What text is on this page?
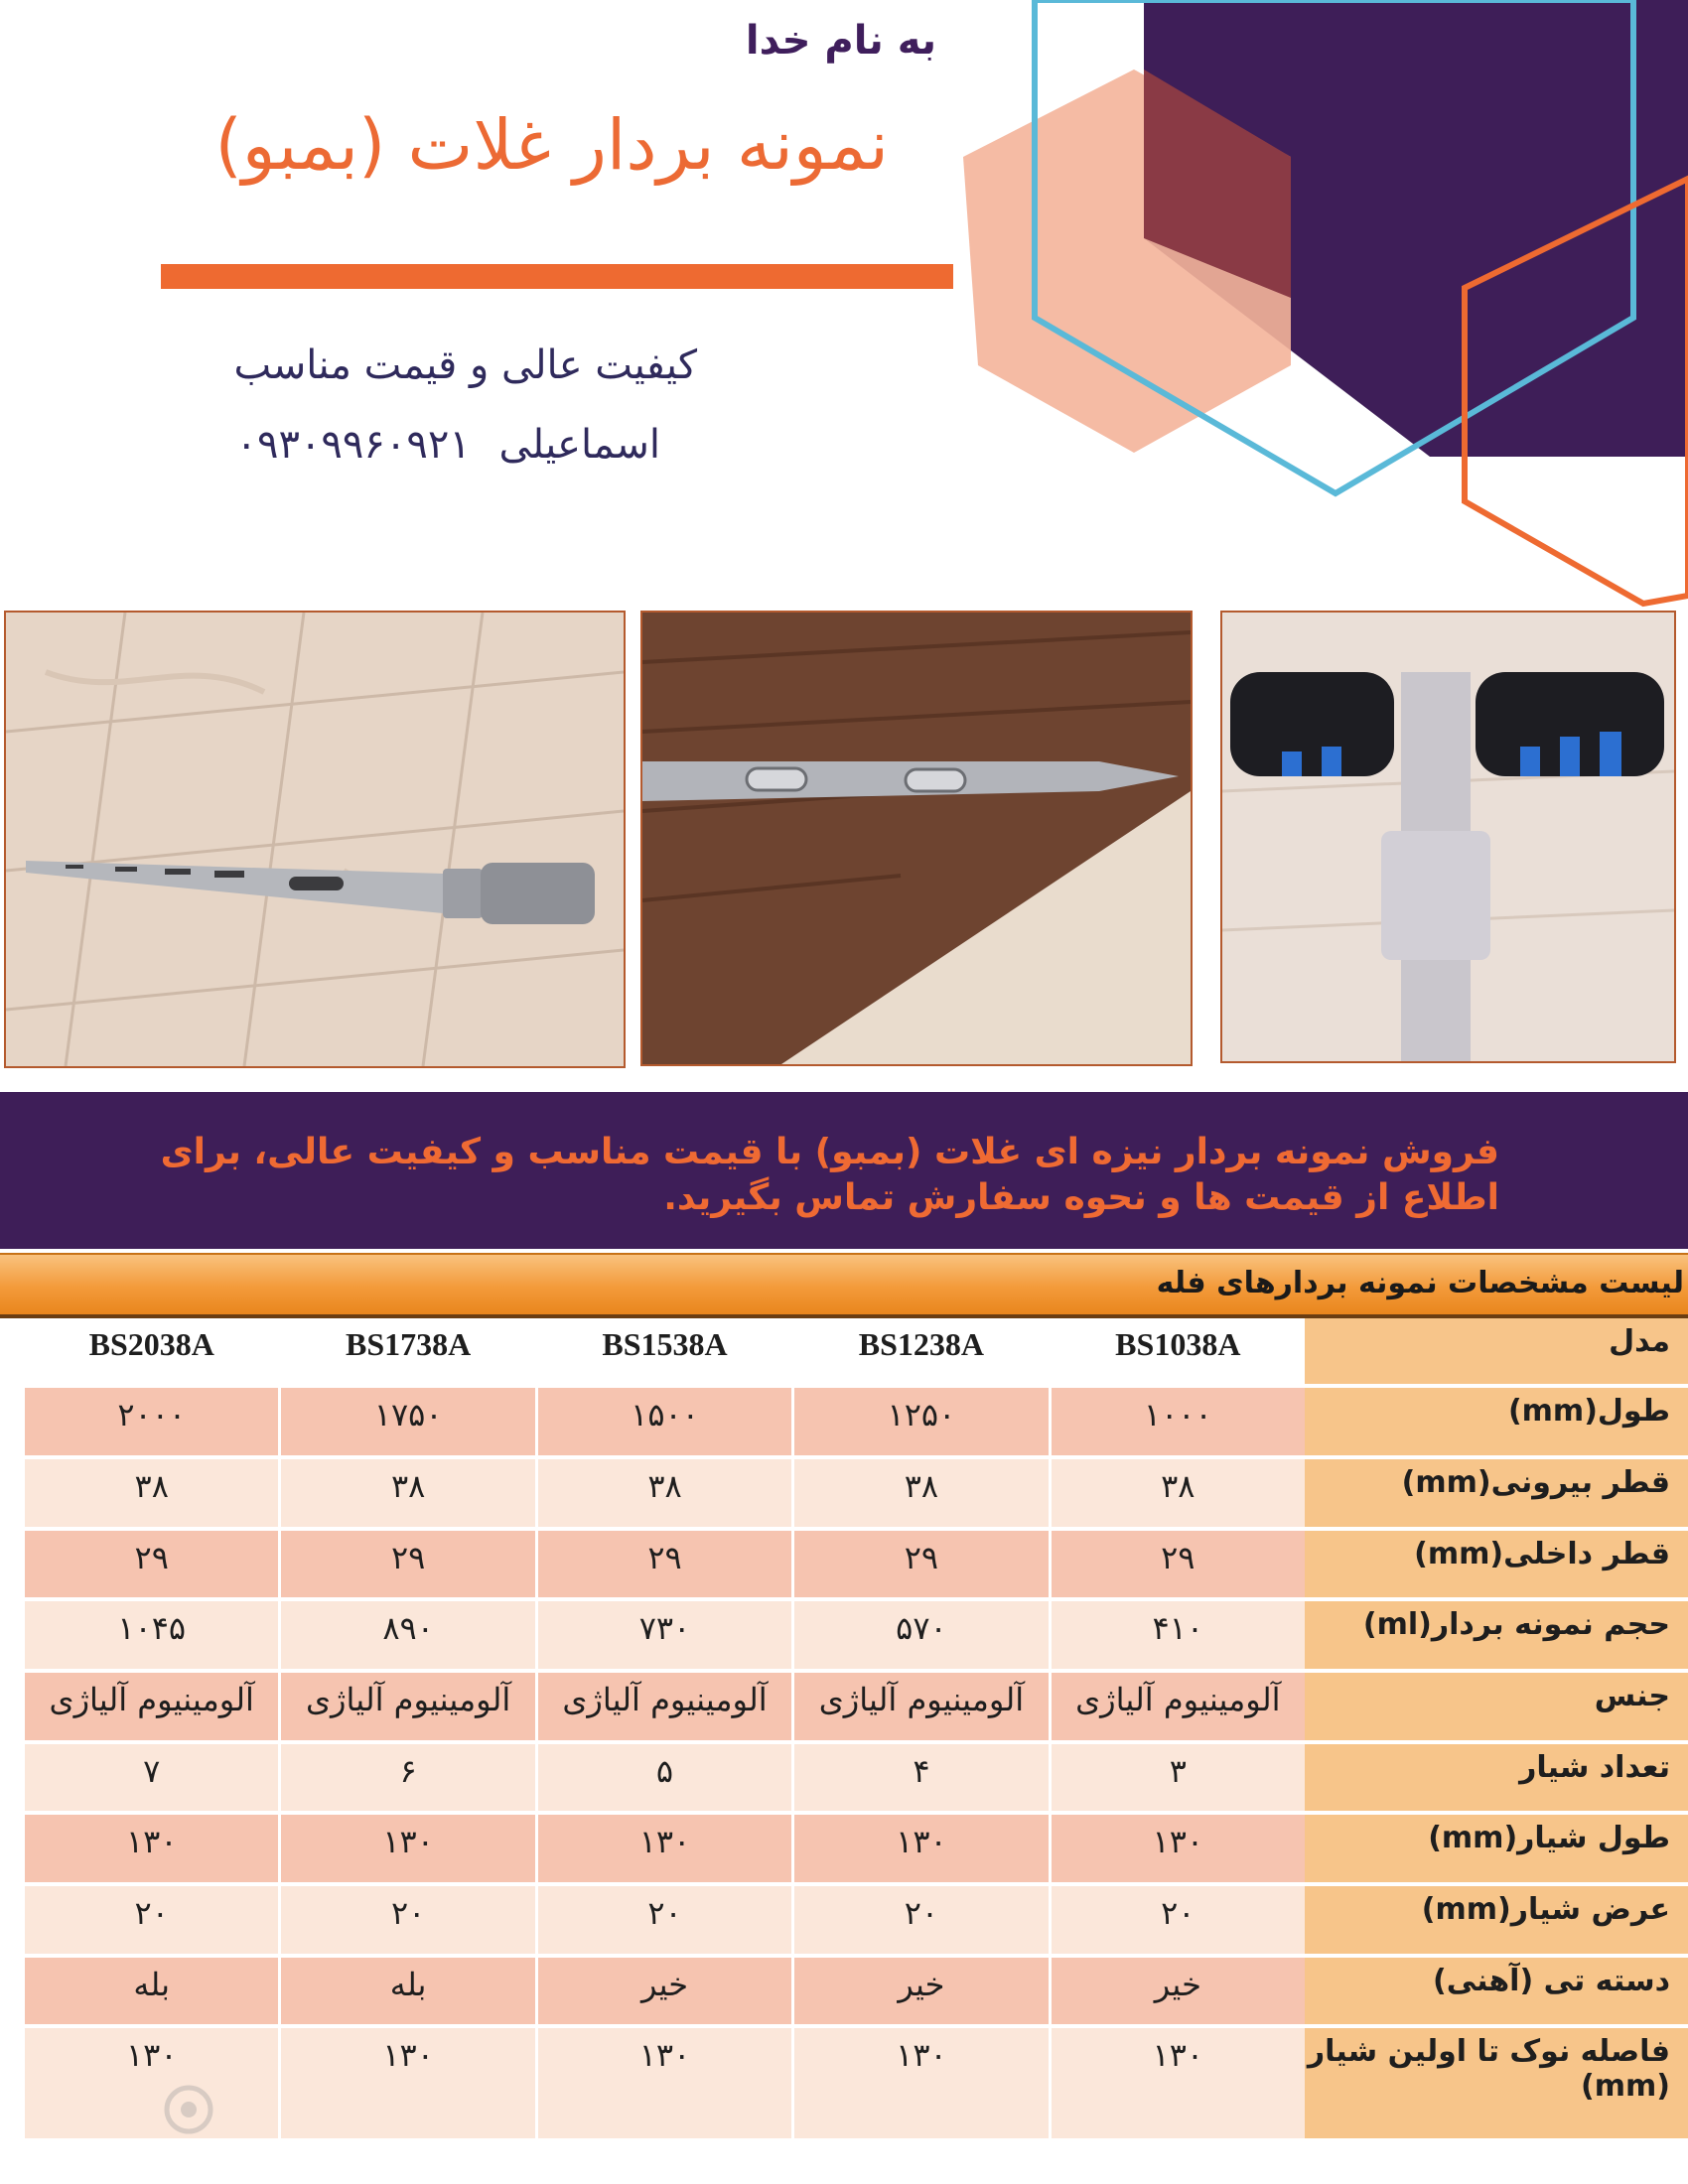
به نام خدا
نمونه بردار غلات (بمبو)
کیفیت عالی و قیمت مناسب
اسماعیلی ۰۹۳۰۹۹۶۰۹۲۱
فروش نمونه بردار نیزه ای غلات (بمبو) با قیمت مناسب و کیفیت عالی، برای اطلاع از قیمت ها و نحوه سفارش تماس بگیرید.
لیست مشخصات نمونه بردارهای فله
مدل	BS1038A	BS1238A	BS1538A	BS1738A	BS2038A
طول(mm)	۱۰۰۰	۱۲۵۰	۱۵۰۰	۱۷۵۰	۲۰۰۰
قطر بیرونی(mm)	۳۸	۳۸	۳۸	۳۸	۳۸
قطر داخلی(mm)	۲۹	۲۹	۲۹	۲۹	۲۹
حجم نمونه بردار(ml)	۴۱۰	۵۷۰	۷۳۰	۸۹۰	۱۰۴۵
جنس	آلومینیوم آلیاژی	آلومینیوم آلیاژی	آلومینیوم آلیاژی	آلومینیوم آلیاژی	آلومینیوم آلیاژی
تعداد شیار	۳	۴	۵	۶	۷
طول شیار(mm)	۱۳۰	۱۳۰	۱۳۰	۱۳۰	۱۳۰
عرض شیار(mm)	۲۰	۲۰	۲۰	۲۰	۲۰
دسته تی (آهنی)	خیر	خیر	خیر	بله	بله
فاصله نوک تا اولین شیار (mm)	۱۳۰	۱۳۰	۱۳۰	۱۳۰	۱۳۰
